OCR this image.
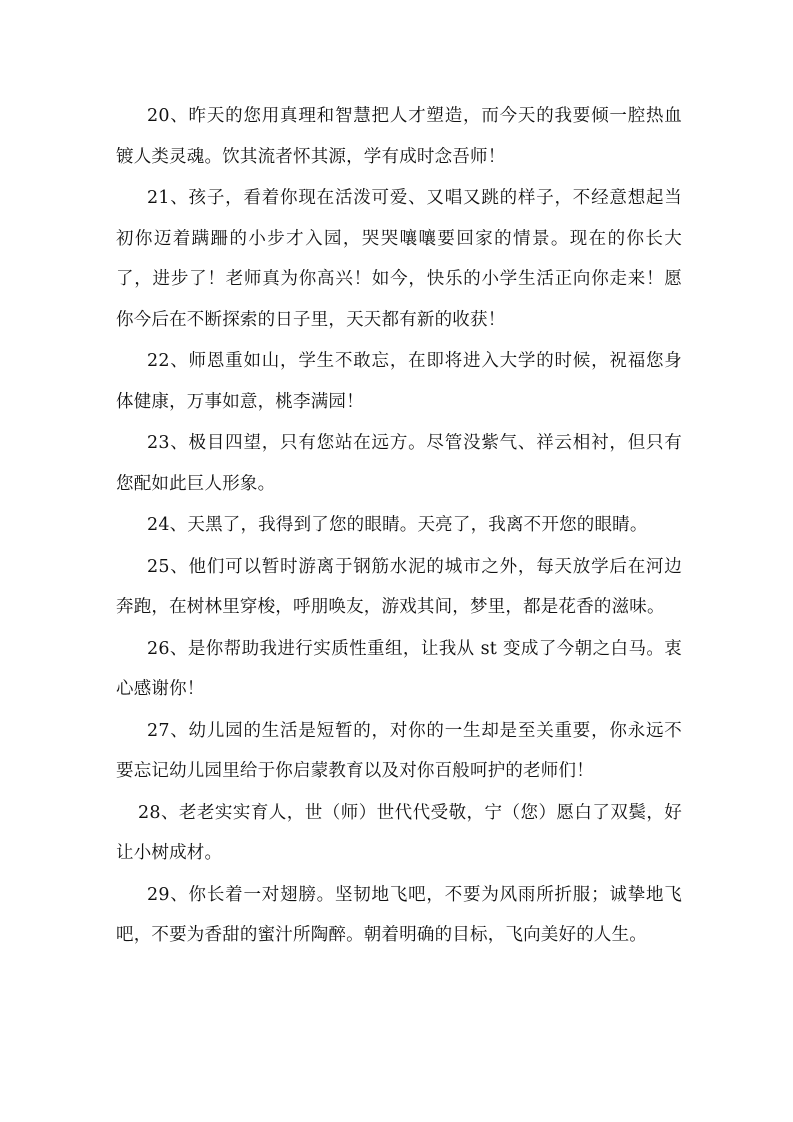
20、昨天的您用真理和智慧把人才塑造，而今天的我要倾一腔热血镀人类灵魂。饮其流者怀其源，学有成时念吾师！

21、孩子，看着你现在活泼可爱、又唱又跳的样子，不经意想起当初你迈着蹒跚的小步才入园，哭哭嚷嚷要回家的情景。现在的你长大了，进步了！老师真为你高兴！如今，快乐的小学生活正向你走来！愿你今后在不断探索的日子里，天天都有新的收获！

22、师恩重如山，学生不敢忘，在即将进入大学的时候，祝福您身体健康，万事如意，桃李满园！

23、极目四望，只有您站在远方。尽管没紫气、祥云相衬，但只有您配如此巨人形象。

24、天黑了，我得到了您的眼睛。天亮了，我离不开您的眼睛。

25、他们可以暂时游离于钢筋水泥的城市之外，每天放学后在河边奔跑，在树林里穿梭，呼朋唤友，游戏其间，梦里，都是花香的滋味。

26、是你帮助我进行实质性重组，让我从 st 变成了今朝之白马。衷心感谢你！

27、幼儿园的生活是短暂的，对你的一生却是至关重要，你永远不要忘记幼儿园里给于你启蒙教育以及对你百般呵护的老师们！

28、老老实实育人，世（师）世代代受敬，宁（您）愿白了双鬓，好让小树成材。

29、你长着一对翅膀。坚韧地飞吧，不要为风雨所折服；诚挚地飞吧，不要为香甜的蜜汁所陶醉。朝着明确的目标，飞向美好的人生。
